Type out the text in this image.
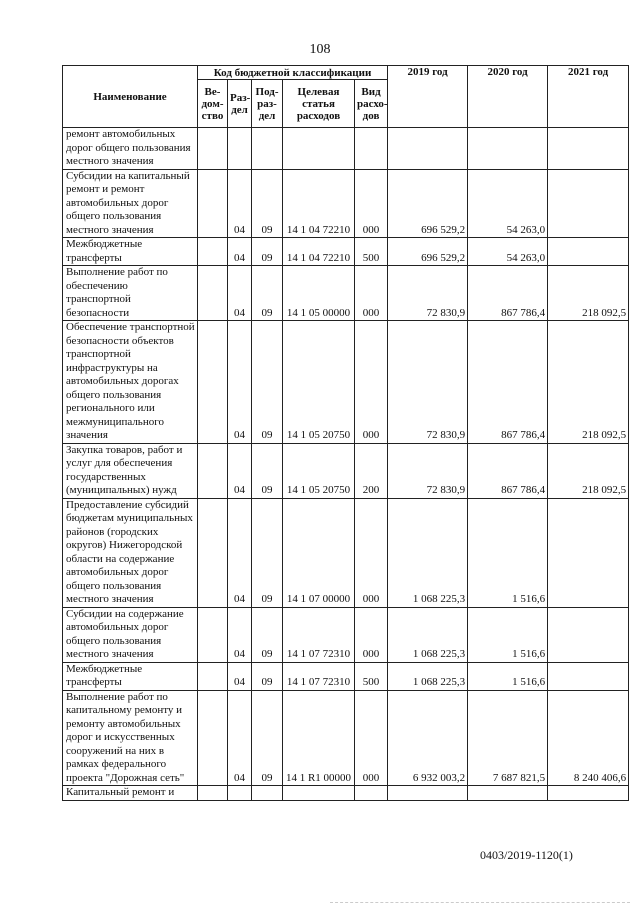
108
Наименование	Код бюджетной классификации					2019 год	2020 год	2021 год
	Ве-дом-ство	Раз-дел	Под-раз-дел	Целевая статья расходов	Вид расхо-дов			
ремонт автомобильных дорог общего пользования местного значения								
Субсидии на капитальный ремонт и ремонт автомобильных дорог общего пользования местного значения		04	09	14 1 04 72210	000	696 529,2	54 263,0	
Межбюджетные трансферты		04	09	14 1 04 72210	500	696 529,2	54 263,0	
Выполнение работ по обеспечению транспортной безопасности		04	09	14 1 05 00000	000	72 830,9	867 786,4	218 092,5
Обеспечение транспортной безопасности объектов транспортной инфраструктуры на автомобильных дорогах общего пользования регионального или межмуниципального значения		04	09	14 1 05 20750	000	72 830,9	867 786,4	218 092,5
Закупка товаров, работ и услуг для обеспечения государственных (муниципальных) нужд		04	09	14 1 05 20750	200	72 830,9	867 786,4	218 092,5
Предоставление субсидий бюджетам муниципальных районов (городских округов) Нижегородской области на содержание автомобильных дорог общего пользования местного значения		04	09	14 1 07 00000	000	1 068 225,3	1 516,6	
Субсидии на содержание автомобильных дорог общего пользования местного значения		04	09	14 1 07 72310	000	1 068 225,3	1 516,6	
Межбюджетные трансферты		04	09	14 1 07 72310	500	1 068 225,3	1 516,6	
Выполнение работ по капитальному ремонту и ремонту автомобильных дорог и искусственных сооружений на них в рамках федерального проекта "Дорожная сеть"		04	09	14 1 R1 00000	000	6 932 003,2	7 687 821,5	8 240 406,6
Капитальный ремонт и								
0403/2019-1120(1)
